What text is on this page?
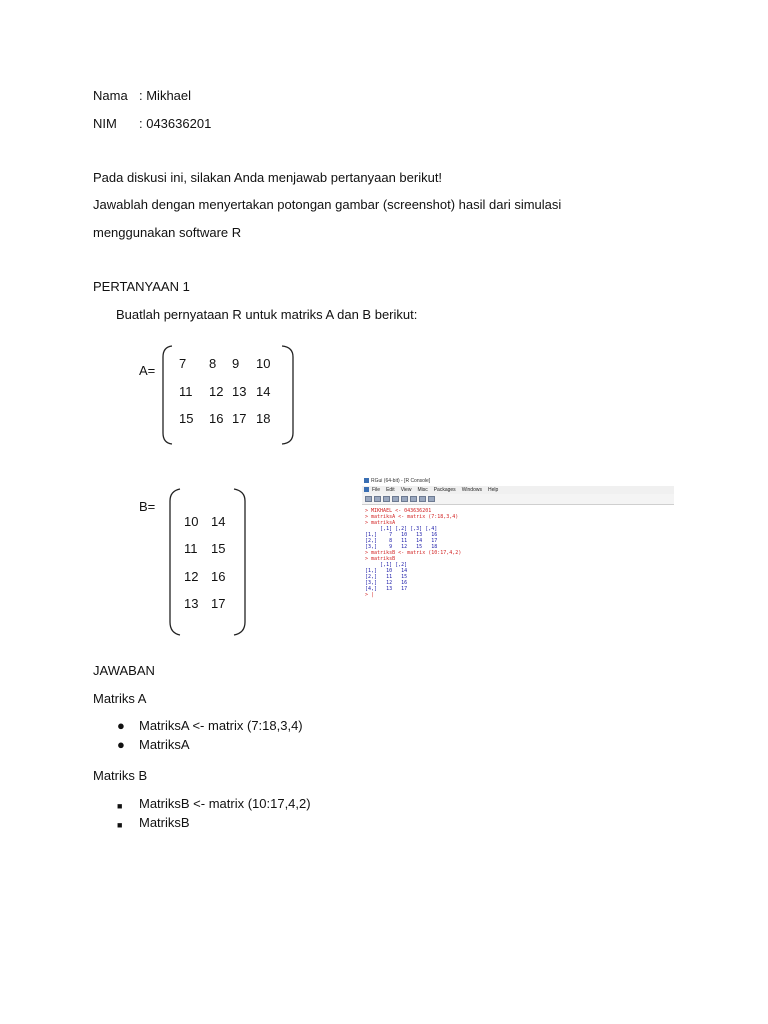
Nama : Mikhael
NIM : 043636201
Pada diskusi ini, silakan Anda menjawab pertanyaan berikut!
Jawablah dengan menyertakan potongan gambar (screenshot) hasil dari simulasi
menggunakan software R
PERTANYAAN 1
Buatlah pernyataan R untuk matriks A dan B berikut:
A= 7 8 9 10
11 12 13 14
15 16 17 18
B=
10 14
11 15
12 16
13 17
RGui (64-bit) - [R Console]
File Edit View Misc Packages Windows Help
> MIKHAEL <- 043636201
> matriksA <- matrix (7:18,3,4)
> matriksA
[,1] [,2] [,3] [,4]
[1,]    7   10   13   16
[2,]    8   11   14   17
[3,]    9   12   15   18
> matriksB <- matrix (10:17,4,2)
> matriksB
[,1] [,2]
[1,]   10   14
[2,]   11   15
[3,]   12   16
[4,]   13   17
> |
JAWABAN
Matriks A
● MatriksA <- matrix (7:18,3,4)
● MatriksA
Matriks B
■ MatriksB <- matrix (10:17,4,2)
■ MatriksB
